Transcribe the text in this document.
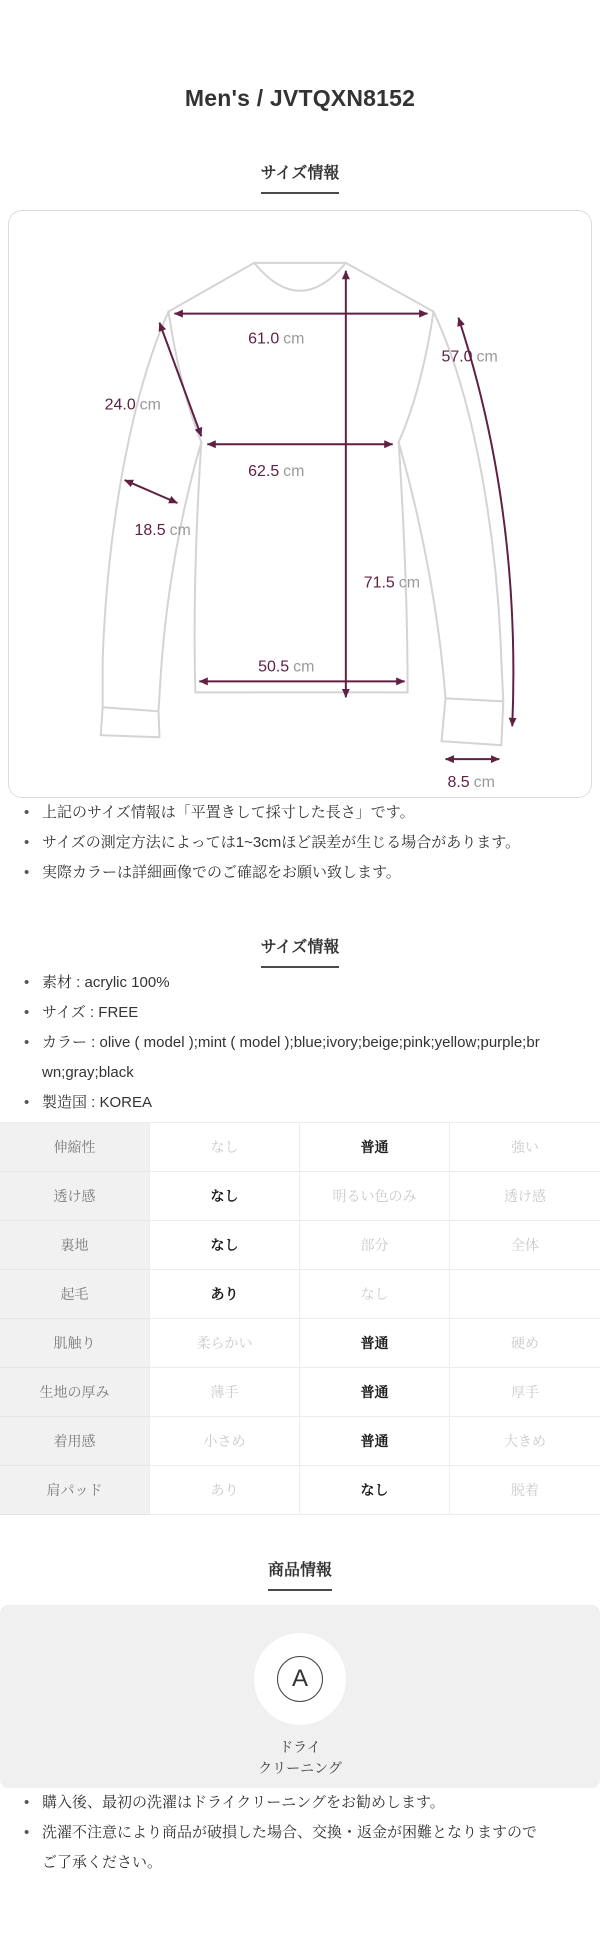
Men's / JVTQXN8152
サイズ情報
61.0 cm
57.0 cm
24.0 cm
62.5 cm
18.5 cm
71.5 cm
50.5 cm
8.5 cm
• 上記のサイズ情報は「平置きして採寸した長さ」です。
• サイズの測定方法によっては1~3cmほど誤差が生じる場合があります。
• 実際カラーは詳細画像でのご確認をお願い致します。
サイズ情報
• 素材 : acrylic 100%
• サイズ : FREE
• カラー : olive ( model );mint ( model );blue;ivory;beige;pink;yellow;purple;br
wn;gray;black
• 製造国 : KOREA
伸縮性	なし	普通	強い
透け感	なし	明るい色のみ	透け感
裏地	なし	部分	全体
起毛	あり	なし
肌触り	柔らかい	普通	硬め
生地の厚み	薄手	普通	厚手
着用感	小さめ	普通	大きめ
肩パッド	あり	なし	脱着
商品情報
A
ドライ
クリーニング
• 購入後、最初の洗濯はドライクリーニングをお勧めします。
• 洗濯不注意により商品が破損した場合、交換・返金が困難となりますので
ご了承ください。
